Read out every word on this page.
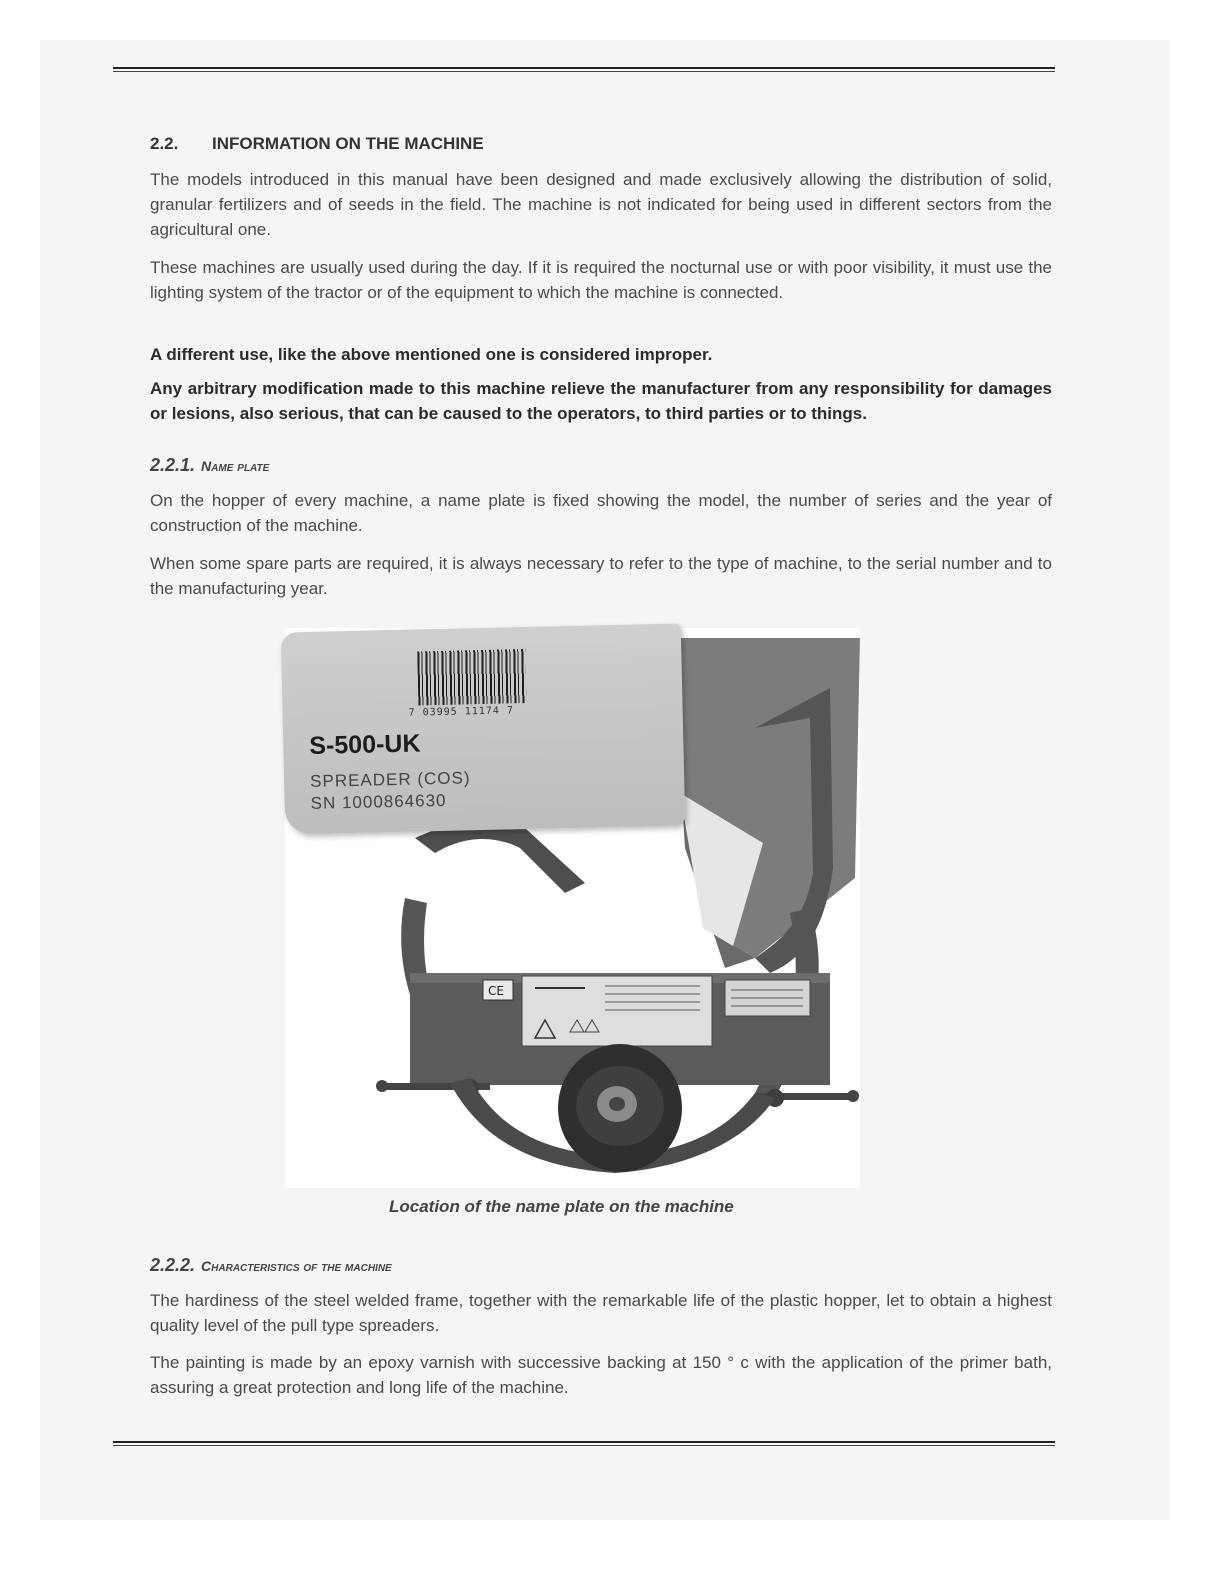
2.2. INFORMATION ON THE MACHINE

The models introduced in this manual have been designed and made exclusively allowing the distribution of solid, granular fertilizers and of seeds in the field. The machine is not indicated for being used in different sectors from the agricultural one.

These machines are usually used during the day. If it is required the nocturnal use or with poor visibility, it must use the lighting system of the tractor or of the equipment to which the machine is connected.

A different use, like the above mentioned one is considered improper.

Any arbitrary modification made to this machine relieve the manufacturer from any responsibility for damages or lesions, also serious, that can be caused to the operators, to third parties or to things.

2.2.1. Name plate

On the hopper of every machine, a name plate is fixed showing the model, the number of series and the year of construction of the machine.

When some spare parts are required, it is always necessary to refer to the type of machine, to the serial number and to the manufacturing year.

CE
7 03995 11174 7
S-500-UK
SPREADER (COS)
SN 1000864630
Location of the name plate on the machine
2.2.2. Characteristics of the machine

The hardiness of the steel welded frame, together with the remarkable life of the plastic hopper, let to obtain a highest quality level of the pull type spreaders.

The painting is made by an epoxy varnish with successive backing at 150 ° c with the application of the primer bath, assuring a great protection and long life of the machine.
